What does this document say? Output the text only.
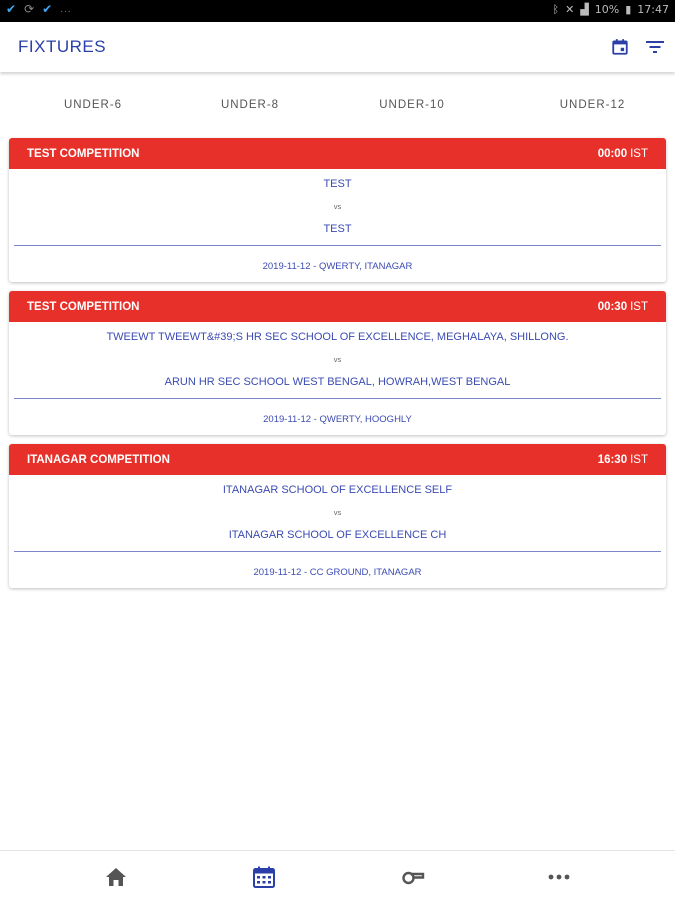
✔ ⟳ ✔ ...	ᛒ ✕ ▟ 10% ▮ 17:47
FIXTURES
UNDER-6	UNDER-8	UNDER-10	UNDER-12
TEST COMPETITION	00:00 IST
TEST
vs
TEST
2019-11-12 - QWERTY, ITANAGAR
TEST COMPETITION	00:30 IST
TWEEWT TWEEWT&#39;S HR SEC SCHOOL OF EXCELLENCE, MEGHALAYA, SHILLONG.
vs
ARUN HR SEC SCHOOL WEST BENGAL, HOWRAH,WEST BENGAL
2019-11-12 - QWERTY, HOOGHLY
ITANAGAR COMPETITION	16:30 IST
ITANAGAR SCHOOL OF EXCELLENCE SELF
vs
ITANAGAR SCHOOL OF EXCELLENCE CH
2019-11-12 - CC GROUND, ITANAGAR
